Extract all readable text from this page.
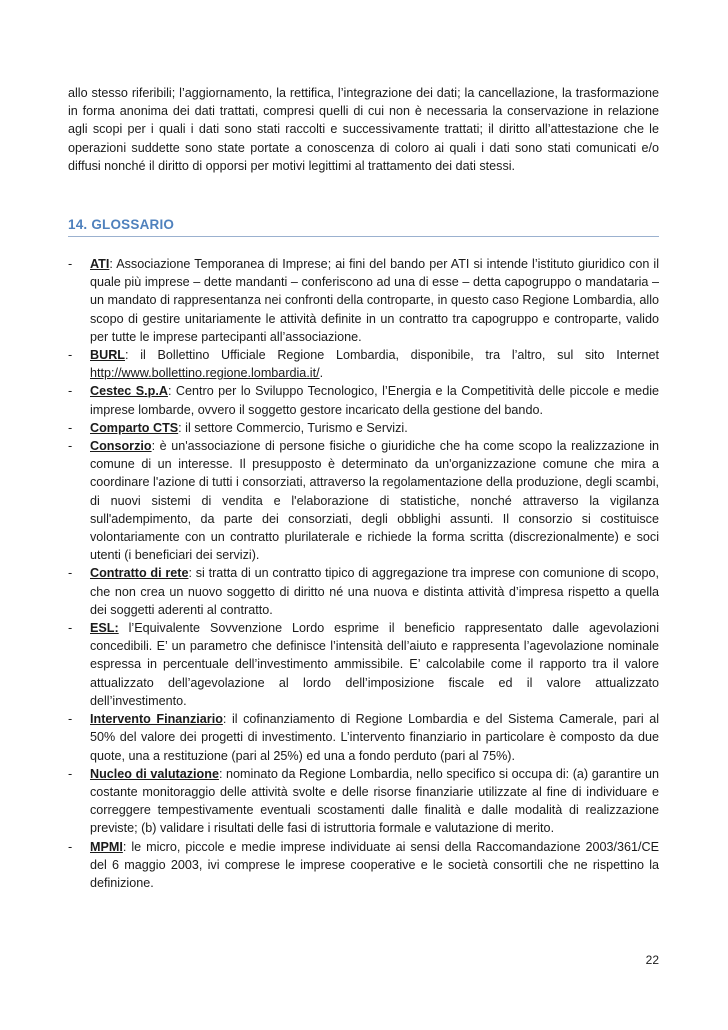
allo stesso riferibili; l’aggiornamento, la rettifica, l’integrazione dei dati; la cancellazione, la trasformazione in forma anonima dei dati trattati, compresi quelli di cui non è necessaria la conservazione in relazione agli scopi per i quali i dati sono stati raccolti e successivamente trattati; il diritto all’attestazione che le operazioni suddette sono state portate a conoscenza di coloro ai quali i dati sono stati comunicati e/o diffusi nonché il diritto di opporsi per motivi legittimi al trattamento dei dati stessi.

14. GLOSSARIO
- ATI: Associazione Temporanea di Imprese; ai fini del bando per ATI si intende l’istituto giuridico con il quale più imprese – dette mandanti – conferiscono ad una di esse – detta capogruppo o mandataria – un mandato di rappresentanza nei confronti della controparte, in questo caso Regione Lombardia, allo scopo di gestire unitariamente le attività definite in un contratto tra capogruppo e controparte, valido per tutte le imprese partecipanti all’associazione.
- BURL: il Bollettino Ufficiale Regione Lombardia, disponibile, tra l’altro, sul sito Internet http://www.bollettino.regione.lombardia.it/.
- Cestec S.p.A: Centro per lo Sviluppo Tecnologico, l’Energia e la Competitività delle piccole e medie imprese lombarde, ovvero il soggetto gestore incaricato della gestione del bando.
- Comparto CTS: il settore Commercio, Turismo e Servizi.
- Consorzio: è un'associazione di persone fisiche o giuridiche che ha come scopo la realizzazione in comune di un interesse. Il presupposto è determinato da un'organizzazione comune che mira a coordinare l'azione di tutti i consorziati, attraverso la regolamentazione della produzione, degli scambi, di nuovi sistemi di vendita e l'elaborazione di statistiche, nonché attraverso la vigilanza sull'adempimento, da parte dei consorziati, degli obblighi assunti. Il consorzio si costituisce volontariamente con un contratto plurilaterale e richiede la forma scritta (discrezionalmente) e soci utenti (i beneficiari dei servizi).
- Contratto di rete: si tratta di un contratto tipico di aggregazione tra imprese con comunione di scopo, che non crea un nuovo soggetto di diritto né una nuova e distinta attività d’impresa rispetto a quella dei soggetti aderenti al contratto.
- ESL: l’Equivalente Sovvenzione Lordo esprime il beneficio rappresentato dalle agevolazioni concedibili. E’ un parametro che definisce l’intensità dell’aiuto e rappresenta l’agevolazione nominale espressa in percentuale dell’investimento ammissibile. E’ calcolabile come il rapporto tra il valore attualizzato dell’agevolazione al lordo dell’imposizione fiscale ed il valore attualizzato dell’investimento.
- Intervento Finanziario: il cofinanziamento di Regione Lombardia e del Sistema Camerale, pari al 50% del valore dei progetti di investimento. L’intervento finanziario in particolare è composto da due quote, una a restituzione (pari al 25%) ed una a fondo perduto (pari al 75%).
- Nucleo di valutazione: nominato da Regione Lombardia, nello specifico si occupa di: (a) garantire un costante monitoraggio delle attività svolte e delle risorse finanziarie utilizzate al fine di individuare e correggere tempestivamente eventuali scostamenti dalle finalità e dalle modalità di realizzazione previste; (b) validare i risultati delle fasi di istruttoria formale e valutazione di merito.
- MPMI: le micro, piccole e medie imprese individuate ai sensi della Raccomandazione 2003/361/CE del 6 maggio 2003, ivi comprese le imprese cooperative e le società consortili che ne rispettino la definizione.
22
